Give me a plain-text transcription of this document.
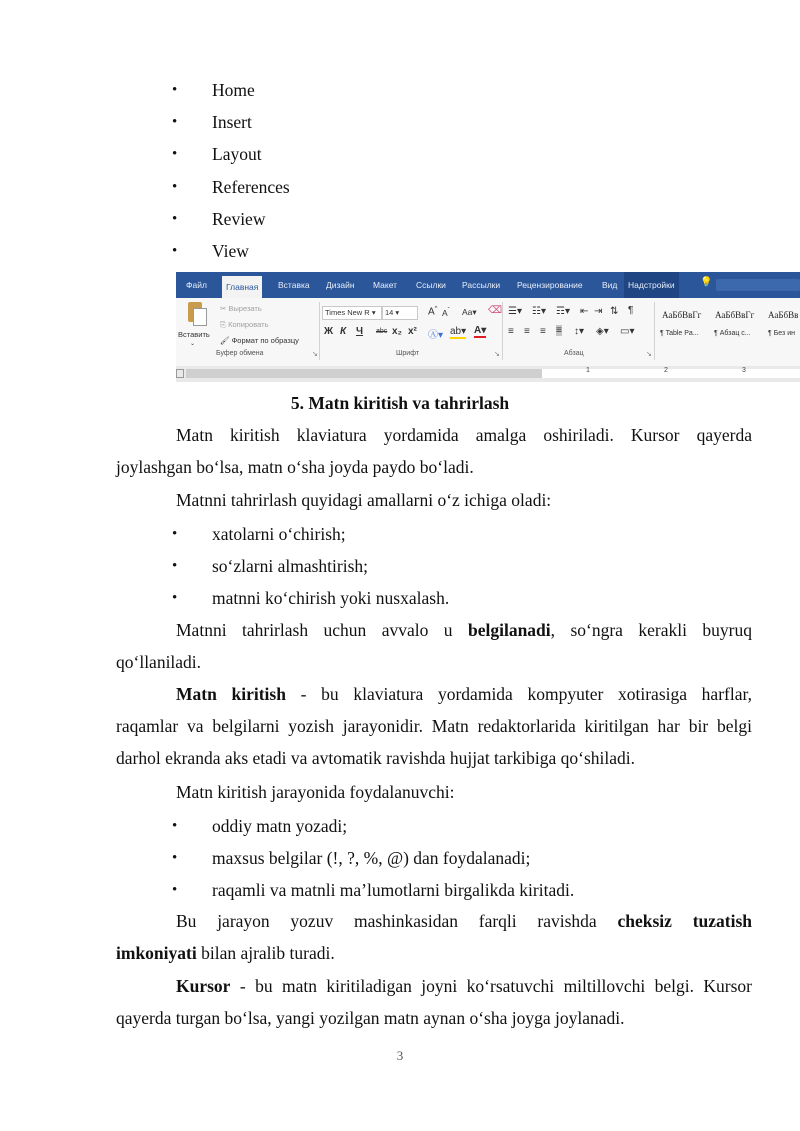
• Home
• Insert
• Layout
• References
• Review
• View
Файл	Главная	Вставка	Дизайн	Макет	Ссылки	Рассылки	Рецензирование	Вид	Надстройки	💡
Вставить
⌄
✂ Вырезать
⎘ Копировать
🖌 Формат по образцу
Буфер обмена	↘
Times New R ▾	14 ▾	A^ $A^ˇ$ Aa▾ ⌫
Ж К Ч abc x₂ x² Ⓐ▾ ab▾ A▾
Шрифт	↘
☰▾ ☷▾ ☶▾ ⇤ ⇥ ⇅ ¶
≡ ≡ ≡ ≡ ↕▾ ◈▾ ▭▾
Абзац	↘
АаБбВвГг
¶ Table Pa...
АаБбВвГг
¶ Абзац с...
АаБбВв
¶ Без ин
1	2	3
5. Matn kiritish va tahrirlash
Matn kiritish klaviatura yordamida amalga oshiriladi. Kursor qayerda
joylashgan bo‘lsa, matn o‘sha joyda paydo bo‘ladi.
Matnni tahrirlash quyidagi amallarni o‘z ichiga oladi:
• xatolarni o‘chirish;
• so‘zlarni almashtirish;
• matnni ko‘chirish yoki nusxalash.
Matnni tahrirlash uchun avvalo u belgilanadi, so‘ngra kerakli buyruq
qo‘llaniladi.
Matn kiritish - bu klaviatura yordamida kompyuter xotirasiga harflar,
raqamlar va belgilarni yozish jarayonidir. Matn redaktorlarida kiritilgan har bir belgi
darhol ekranda aks etadi va avtomatik ravishda hujjat tarkibiga qo‘shiladi.
Matn kiritish jarayonida foydalanuvchi:
• oddiy matn yozadi;
• maxsus belgilar (!, ?, %, @) dan foydalanadi;
• raqamli va matnli ma’lumotlarni birgalikda kiritadi.
Bu jarayon yozuv mashinkasidan farqli ravishda cheksiz tuzatish
imkoniyati bilan ajralib turadi.
Kursor - bu matn kiritiladigan joyni ko‘rsatuvchi miltillovchi belgi. Kursor
qayerda turgan bo‘lsa, yangi yozilgan matn aynan o‘sha joyga joylanadi.
3
